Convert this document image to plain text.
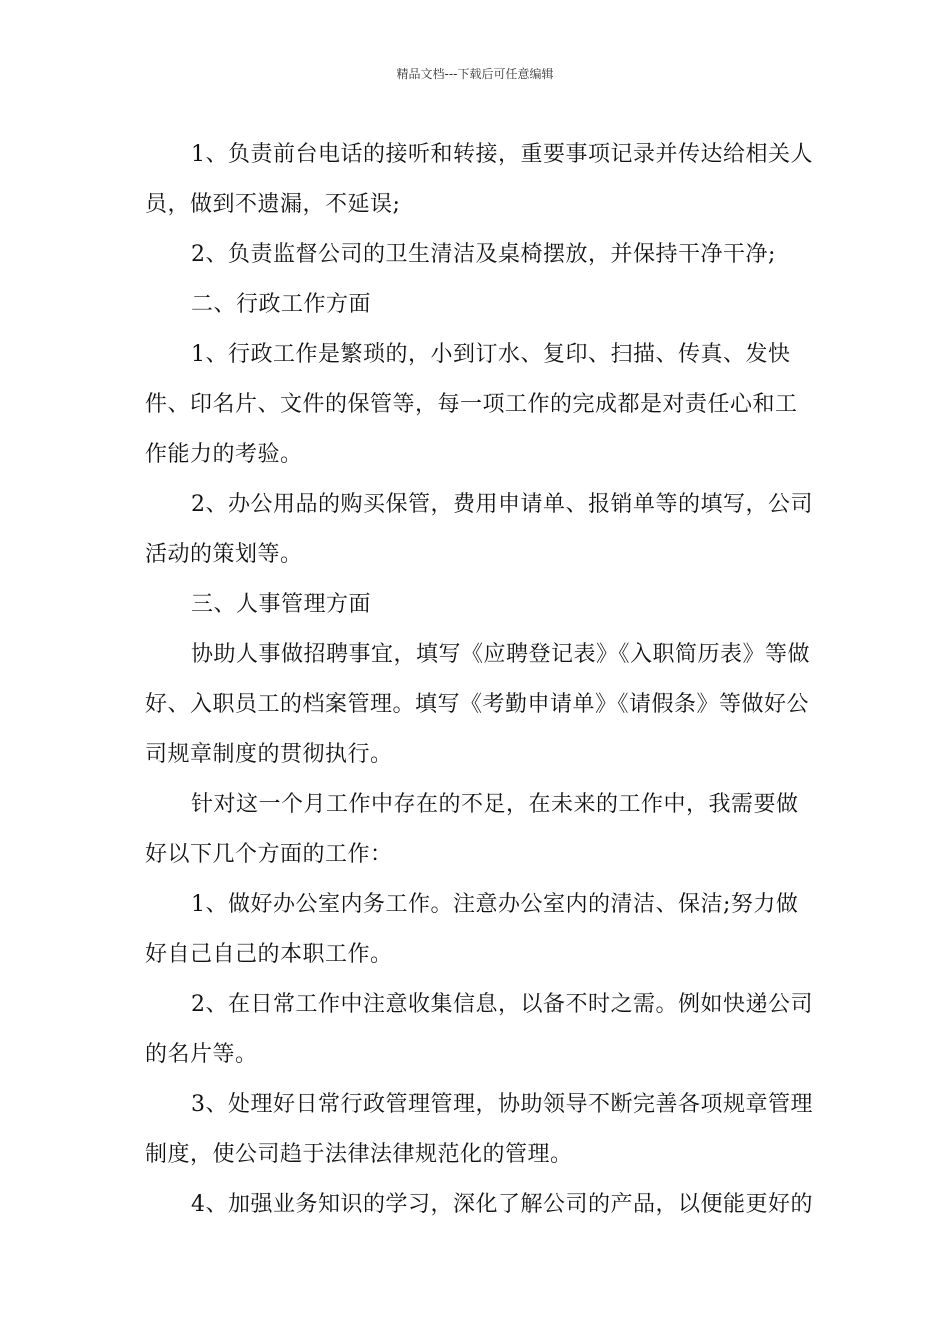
精品文档---下载后可任意编辑

1、负责前台电话的接听和转接，重要事项记录并传达给相关人员，做到不遗漏，不延误;

2、负责监督公司的卫生清洁及桌椅摆放，并保持干净干净;

二、行政工作方面

1、行政工作是繁琐的，小到订水、复印、扫描、传真、发快件、印名片、文件的保管等，每一项工作的完成都是对责任心和工作能力的考验。

2、办公用品的购买保管，费用申请单、报销单等的填写，公司活动的策划等。

三、人事管理方面

协助人事做招聘事宜，填写《应聘登记表》《入职简历表》等做好、入职员工的档案管理。填写《考勤申请单》《请假条》等做好公司规章制度的贯彻执行。

针对这一个月工作中存在的不足，在未来的工作中，我需要做好以下几个方面的工作：

1、做好办公室内务工作。注意办公室内的清洁、保洁;努力做好自己自己的本职工作。

2、在日常工作中注意收集信息，以备不时之需。例如快递公司的名片等。

3、处理好日常行政管理管理，协助领导不断完善各项规章管理制度，使公司趋于法律法律规范化的管理。

4、加强业务知识的学习，深化了解公司的产品，以便能更好的
